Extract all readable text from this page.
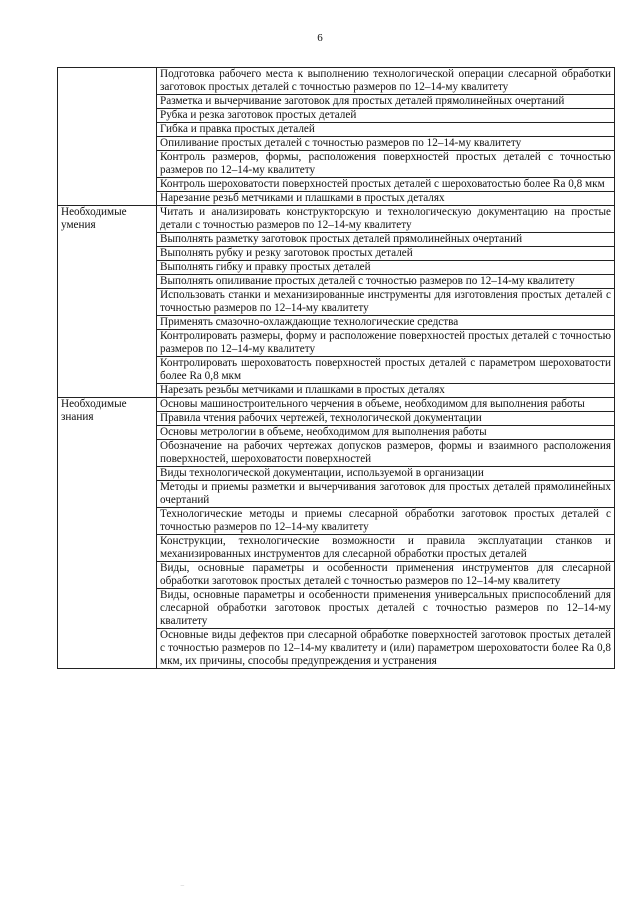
6
	Подготовка рабочего места к выполнению технологической операции слесарной обработки заготовок простых деталей с точностью размеров по 12–14-му квалитету
	Разметка и вычерчивание заготовок для простых деталей прямолинейных очертаний
	Рубка и резка заготовок простых деталей
	Гибка и правка простых деталей
	Опиливание простых деталей с точностью размеров по 12–14-му квалитету
	Контроль размеров, формы, расположения поверхностей простых деталей с точностью размеров по 12–14-му квалитету
	Контроль шероховатости поверхностей простых деталей с шероховатостью более Ra 0,8 мкм
	Нарезание резьб метчиками и плашками в простых деталях
Необходимые умения	Читать и анализировать конструкторскую и технологическую документацию на простые детали с точностью размеров по 12–14-му квалитету
	Выполнять разметку заготовок простых деталей прямолинейных очертаний
	Выполнять рубку и резку заготовок простых деталей
	Выполнять гибку и правку простых деталей
	Выполнять опиливание простых деталей с точностью размеров по 12–14-му квалитету
	Использовать станки и механизированные инструменты для изготовления простых деталей с точностью размеров по 12–14-му квалитету
	Применять смазочно-охлаждающие технологические средства
	Контролировать размеры, форму и расположение поверхностей простых деталей с точностью размеров по 12–14-му квалитету
	Контролировать шероховатость поверхностей простых деталей с параметром шероховатости более Ra 0,8 мкм
	Нарезать резьбы метчиками и плашками в простых деталях
Необходимые знания	Основы машиностроительного черчения в объеме, необходимом для выполнения работы
	Правила чтения рабочих чертежей, технологической документации
	Основы метрологии в объеме, необходимом для выполнения работы
	Обозначение на рабочих чертежах допусков размеров, формы и взаимного расположения поверхностей, шероховатости поверхностей
	Виды технологической документации, используемой в организации
	Методы и приемы разметки и вычерчивания заготовок для простых деталей прямолинейных очертаний
	Технологические методы и приемы слесарной обработки заготовок простых деталей с точностью размеров по 12–14-му квалитету
	Конструкции, технологические возможности и правила эксплуатации станков и механизированных инструментов для слесарной обработки простых деталей
	Виды, основные параметры и особенности применения инструментов для слесарной обработки заготовок простых деталей с точностью размеров по 12–14-му квалитету
	Виды, основные параметры и особенности применения универсальных приспособлений для слесарной обработки заготовок простых деталей с точностью размеров по 12–14-му квалитету
	Основные виды дефектов при слесарной обработке поверхностей заготовок простых деталей с точностью размеров по 12–14-му квалитету и (или) параметром шероховатости более Ra 0,8 мкм, их причины, способы предупреждения и устранения
⁻
